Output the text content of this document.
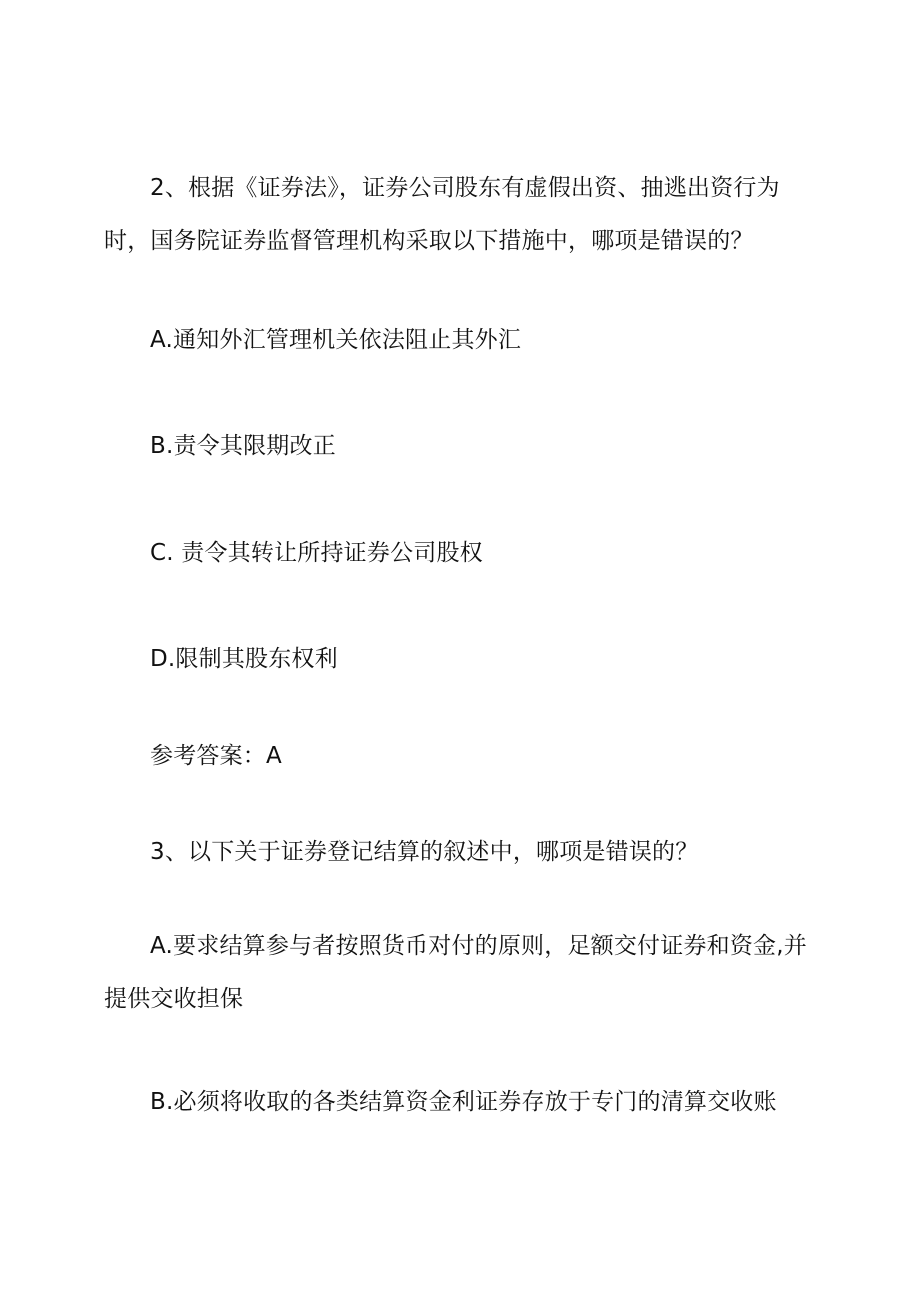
2、根据《证券法》，证券公司股东有虚假出资、抽逃出资行为
时，国务院证券监督管理机构采取以下措施中，哪项是错误的？

A.通知外汇管理机关依法阻止其外汇

B.责令其限期改正

C. 责令其转让所持证券公司股权

D.限制其股东权利

参考答案：A

3、以下关于证券登记结算的叙述中，哪项是错误的？

A.要求结算参与者按照货币对付的原则，足额交付证券和资金,并
提供交收担保

B.必须将收取的各类结算资金利证券存放于专门的清算交收账
